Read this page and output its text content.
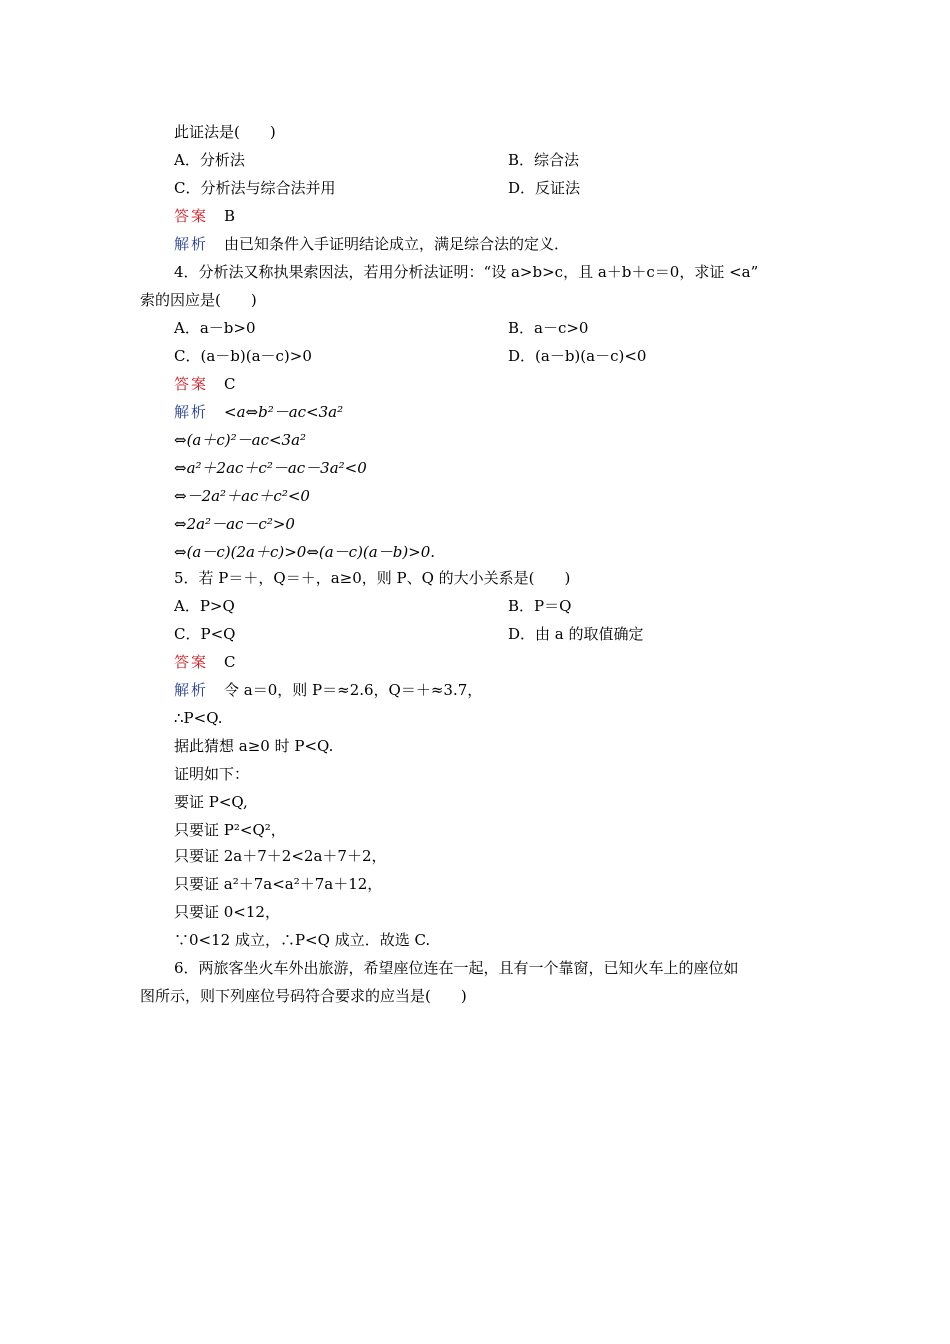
此证法是(　　)
A．分析法	B．综合法
C．分析法与综合法并用	D．反证法
答案 B
解析 由已知条件入手证明结论成立，满足综合法的定义．
4．分析法又称执果索因法，若用分析法证明：“设 a>b>c，且 a＋b＋c＝0，求证 <a”
索的因应是(　　)
A．a－b>0	B．a－c>0
C．(a－b)(a－c)>0	D．(a－b)(a－c)<0
答案 C
解析 <a⇔b²－ac<3a²
⇔(a＋c)²－ac<3a²
⇔a²＋2ac＋c²－ac－3a²<0
⇔－2a²＋ac＋c²<0
⇔2a²－ac－c²>0
⇔(a－c)(2a＋c)>0⇔(a－c)(a－b)>0.
5．若 P＝＋，Q＝＋，a≥0，则 P、Q 的大小关系是(　　)
A．P>Q	B．P＝Q
C．P<Q	D．由 a 的取值确定
答案 C
解析 令 a＝0，则 P＝≈2.6，Q＝＋≈3.7，
∴P<Q.
据此猜想 a≥0 时 P<Q.
证明如下：
要证 P<Q,
只要证 P²<Q²，
只要证 2a＋7＋2<2a＋7＋2，
只要证 a²＋7a<a²＋7a＋12，
只要证 0<12，
∵0<12 成立，∴P<Q 成立．故选 C.
6．两旅客坐火车外出旅游，希望座位连在一起，且有一个靠窗，已知火车上的座位如
图所示，则下列座位号码符合要求的应当是(　　)
